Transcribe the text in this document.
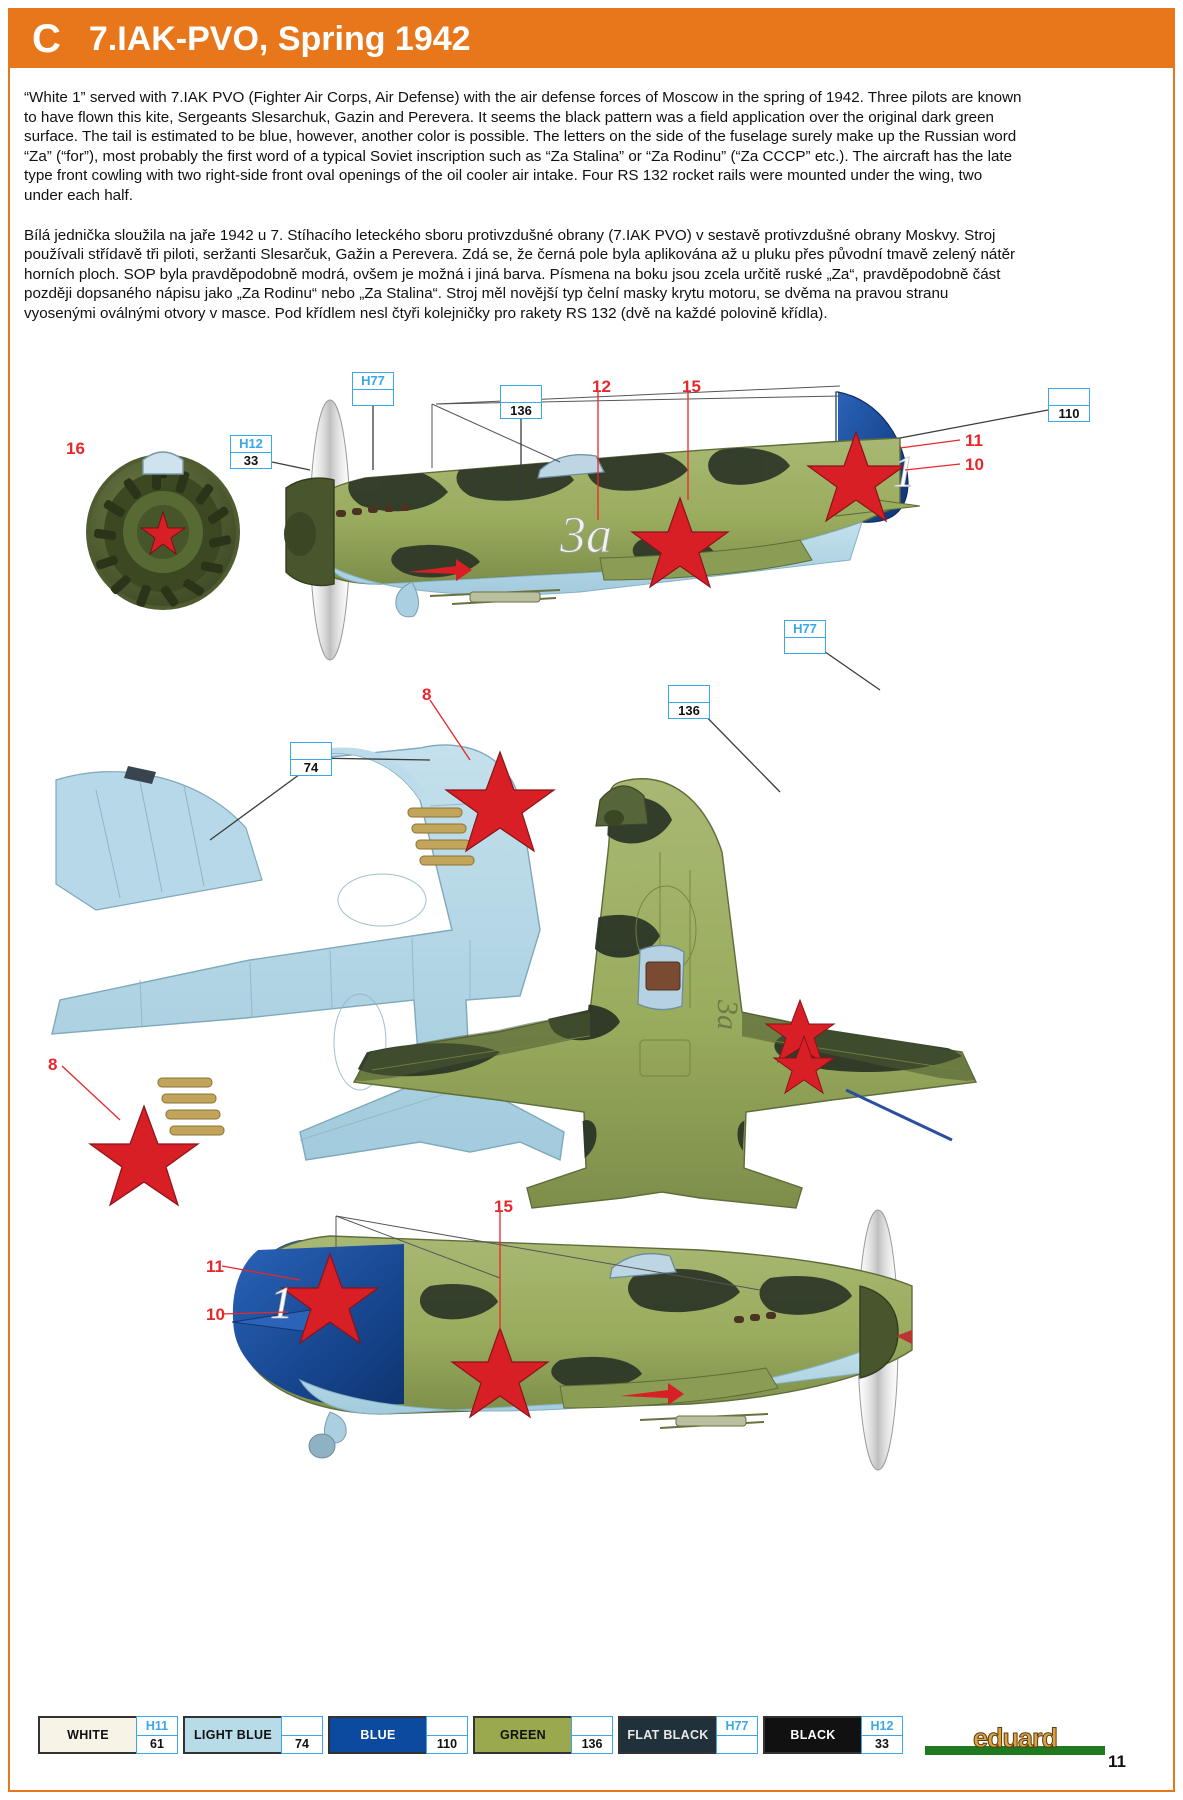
C 7.IAK-PVO, Spring 1942

“White 1” served with 7.IAK PVO (Fighter Air Corps, Air Defense) with the air defense forces of Moscow in the spring of 1942. Three pilots are known to have flown this kite, Sergeants Slesarchuk, Gazin and Perevera. It seems the black pattern was a field application over the original dark green surface. The tail is estimated to be blue, however, another color is possible. The letters on the side of the fuselage surely make up the Russian word “Za” (“for”), most probably the first word of a typical Soviet inscription such as “Za Stalina” or “Za Rodinu” (“Za CCCP” etc.). The aircraft has the late type front cowling with two right-side front oval openings of the oil cooler air intake. Four RS 132 rocket rails were mounted under the wing, two under each half.

Bílá jednička sloužila na jaře 1942 u 7. Stíhacího leteckého sboru protivzdušné obrany (7.IAK PVO) v sestavě protivzdušné obrany Moskvy. Stroj používali střídavě tři piloti, seržanti Slesarčuk, Gažin a Perevera. Zdá se, že černá pole byla aplikována až u pluku přes původní tmavě zelený nátěr horních ploch. SOP byla pravděpodobně modrá, ovšem je možná i jiná barva. Písmena na boku jsou zcela určitě ruské „Za“, pravděpodobně část později dopsaného nápisu jako „Za Rodinu“ nebo „Za Stalina“. Stroj měl novější typ čelní masky krytu motoru, se dvěma na pravou stranu vyosenými oválnými otvory v masce. Pod křídlem nesl čtyři kolejničky pro rakety RS 132 (dvě na každé polovině křídla).

3a
1
3a
1
H77
136
H12
33
110
74
H77
136
16
12	15
11
10
8
8
15
11
10
WHITE
H11
61
LIGHT BLUE
74
BLUE
110
GREEN
136
FLAT BLACK
H77
BLACK
H12
33	eduard
11
